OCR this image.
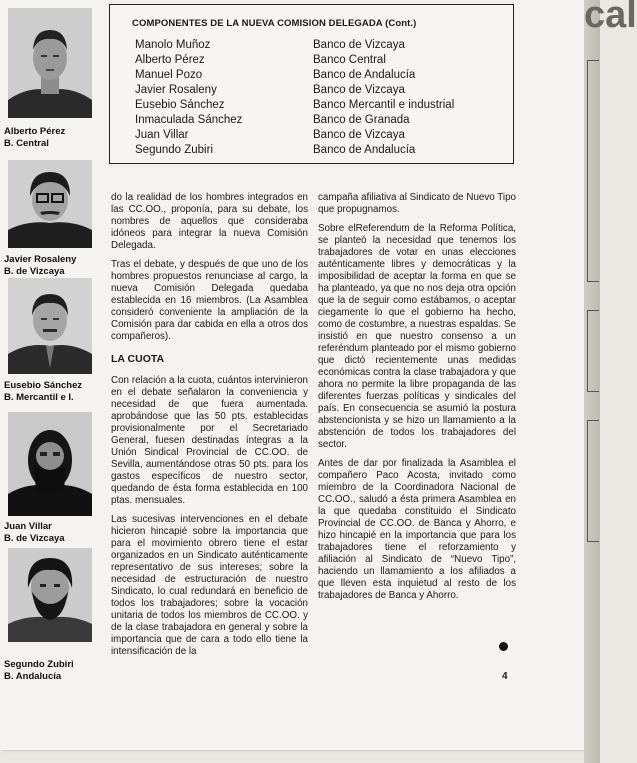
Alberto Pérez
B. Central
Javier Rosaleny
B. de Vizcaya
Eusebio Sánchez
B. Mercantil e I.
Juan Villar
B. de Vizcaya
Segundo Zubiri
B. Andalucía
COMPONENTES DE LA NUEVA COMISION DELEGADA (Cont.)
Manolo Muñoz	Banco de Vizcaya
Alberto Pérez	Banco Central
Manuel Pozo	Banco de Andalucía
Javier Rosaleny	Banco de Vizcaya
Eusebio Sánchez	Banco Mercantil e industrial
Inmaculada Sánchez	Banco de Granada
Juan Villar	Banco de Vizcaya
Segundo Zubiri	Banco de Andalucía

do la realidad de los hombres integrados en las CC.OO., proponía, para su debate, los nombres de aquellos que consideraba idóneos para integrar la nueva Comisión Delegada.

Tras el debate, y después de que uno de los hombres propuestos renunciase al cargo, la nueva Comisión Delegada quedaba establecida en 16 miembros. (La Asamblea consideró conveniente la ampliación de la Comisión para dar cabida en ella a otros dos compañeros).

LA CUOTA

Con relación a la cuota, cuántos intervinieron en el debate señalaron la conveniencia y necesidad de que fuera aumentada. aprobándose que las 50 pts. establecidas provisionalmente por el Secretariado General, fuesen destinadas íntegras a la Unión Sindical Provincial de CC.OO. de Sevilla, aumentándose otras 50 pts. para los gastos específicos de nuestro sector, quedando de ésta forma establecida en 100 ptas. mensuales.

Las sucesivas intervenciones en el debate hicieron hincapié sobre la importancia que para el movimiento obrero tiene el estar organizados en un Sindicato auténticamente representativo de sus intereses; sobre la necesidad de estructuración de nuestro Sindicato, lo cual redundará en beneficio de todos los trabajadores; sobre la vocación unitaria de todos los miembros de CC.OO. y de la clase trabajadora en general y sobre la importancia que de cara a todo ello tiene la intensificación de la

campaña afiliativa al Sindicato de Nuevo Tipo que propugnamos.

Sobre elReferendum de la Reforma Política, se planteó la necesidad que tenemos los trabajadores de votar en unas elecciones auténticamente libres y democráticas y la imposibilidad de aceptar la forma en que se ha planteado, ya que no nos deja otra opción que la de seguir como estábamos, o aceptar ciegamente lo que el gobierno ha hecho, como de costumbre, a nuestras espaldas. Se insistió en que nuestro consenso a un referéndum planteado por el mismo gobierno que dictó recientemente unas medidas económicas contra la clase trabajadora y que ahora no permite la libre propaganda de las diferentes fuerzas políticas y sindicales del país. En consecuencia se asumió la postura abstencionista y se hizo un llamamiento a la abstención de todos los trabajadores del sector.

Antes de dar por finalizada la Asamblea el compañero Paco Acosta, invitado como miembro de la Coordinadora Nacional de CC.OO., saludó a ésta primera Asamblea en la que quedaba constituido el Sindicato Provincial de CC.OO. de Banca y Ahorro, e hizo hincapié en la importancia que para los trabajadores tiene el reforzamiento y afiliación al Sindicato de “Nuevo Tipo”, haciendo un llamamiento a los afiliados a que lleven esta inquietud al resto de los trabajadores de Banca y Ahorro.

4
cal
